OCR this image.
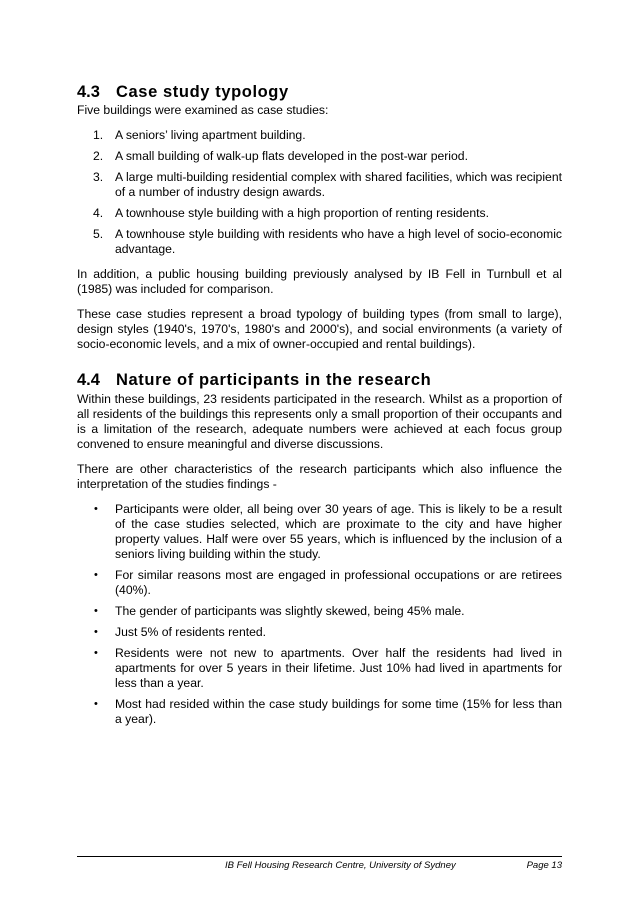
4.3 Case study typology

Five buildings were examined as case studies:

1. A seniors’ living apartment building.
2. A small building of walk-up flats developed in the post-war period.
3. A large multi-building residential complex with shared facilities, which was recipient of a number of industry design awards.
4. A townhouse style building with a high proportion of renting residents.
5. A townhouse style building with residents who have a high level of socio-economic advantage.

In addition, a public housing building previously analysed by IB Fell in Turnbull et al (1985) was included for comparison.

These case studies represent a broad typology of building types (from small to large), design styles (1940's, 1970's, 1980's and 2000's), and social environments (a variety of socio-economic levels, and a mix of owner-occupied and rental buildings).

4.4 Nature of participants in the research

Within these buildings, 23 residents participated in the research. Whilst as a proportion of all residents of the buildings this represents only a small proportion of their occupants and is a limitation of the research, adequate numbers were achieved at each focus group convened to ensure meaningful and diverse discussions.

There are other characteristics of the research participants which also influence the interpretation of the studies findings -

• Participants were older, all being over 30 years of age. This is likely to be a result of the case studies selected, which are proximate to the city and have higher property values. Half were over 55 years, which is influenced by the inclusion of a seniors living building within the study.
• For similar reasons most are engaged in professional occupations or are retirees (40%).
• The gender of participants was slightly skewed, being 45% male.
• Just 5% of residents rented.
• Residents were not new to apartments. Over half the residents had lived in apartments for over 5 years in their lifetime. Just 10% had lived in apartments for less than a year.
• Most had resided within the case study buildings for some time (15% for less than a year).
IB Fell Housing Research Centre, University of Sydney	Page 13
